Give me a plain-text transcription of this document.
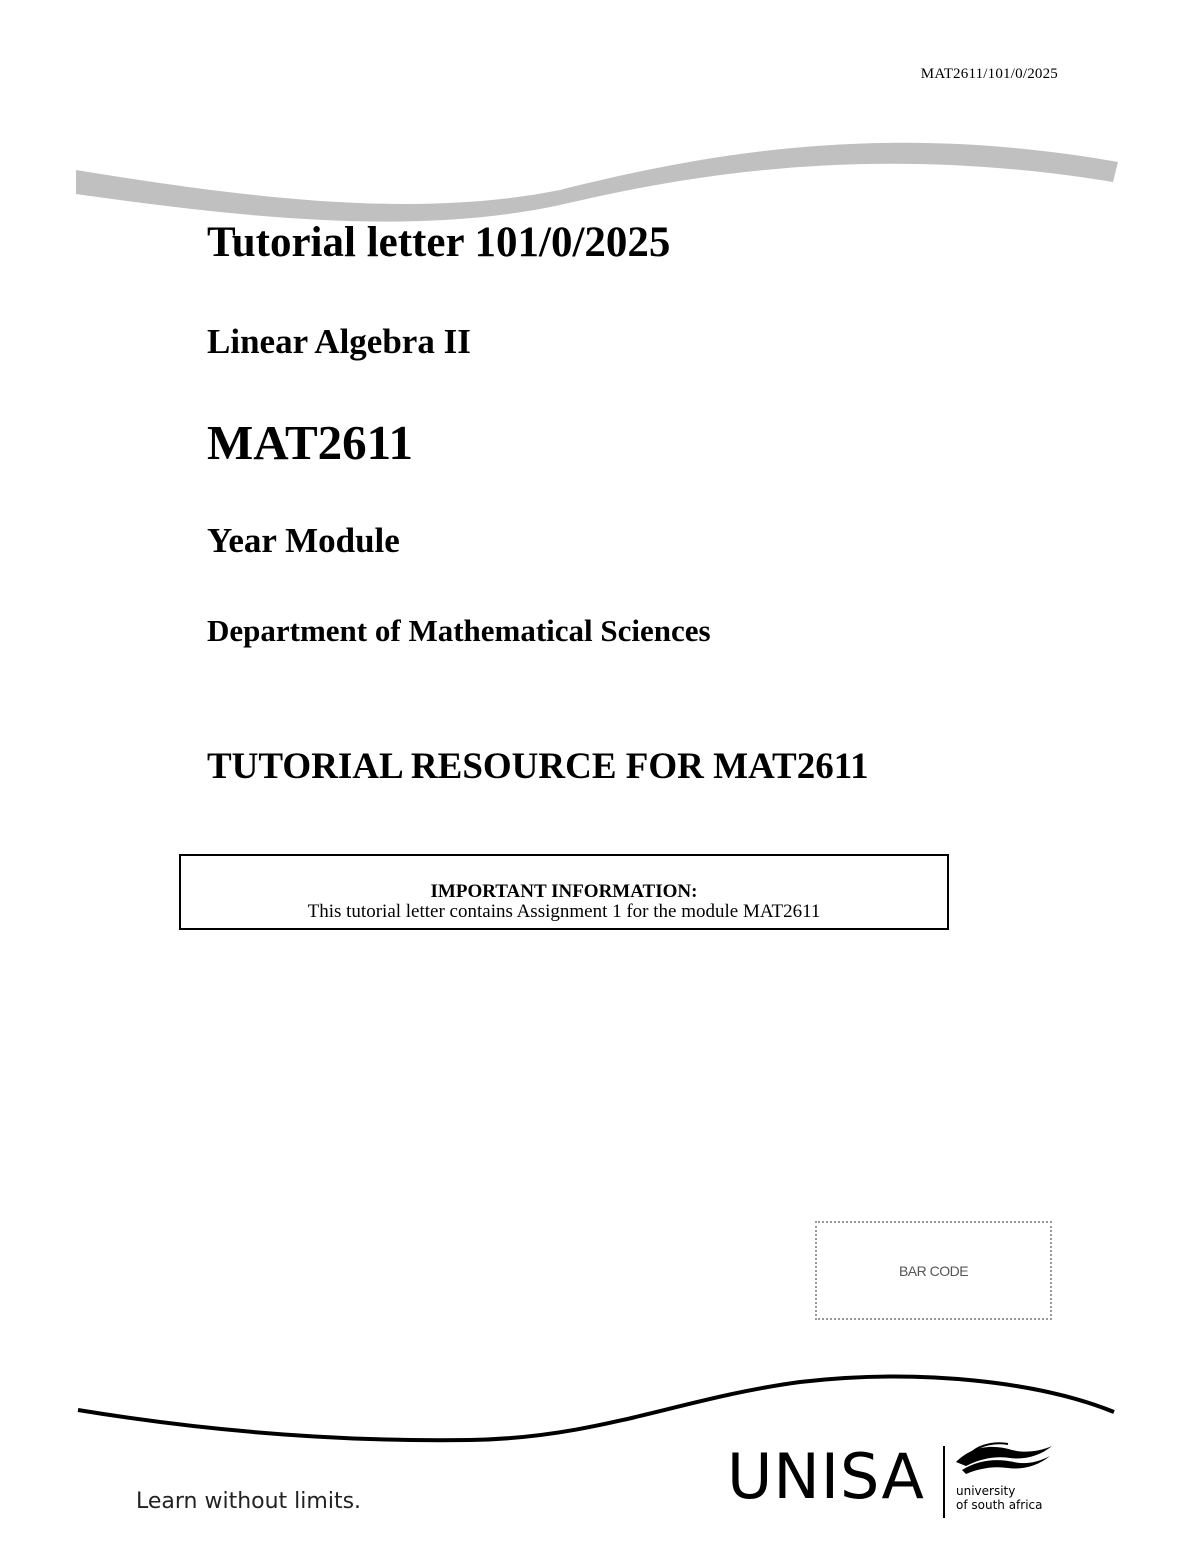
MAT2611/101/0/2025
Tutorial letter 101/0/2025
Linear Algebra II
MAT2611
Year Module
Department of Mathematical Sciences
TUTORIAL RESOURCE FOR MAT2611
IMPORTANT INFORMATION:
This tutorial letter contains Assignment 1 for the module MAT2611
BAR CODE
Learn without limits.	UNISA	university
of south africa
